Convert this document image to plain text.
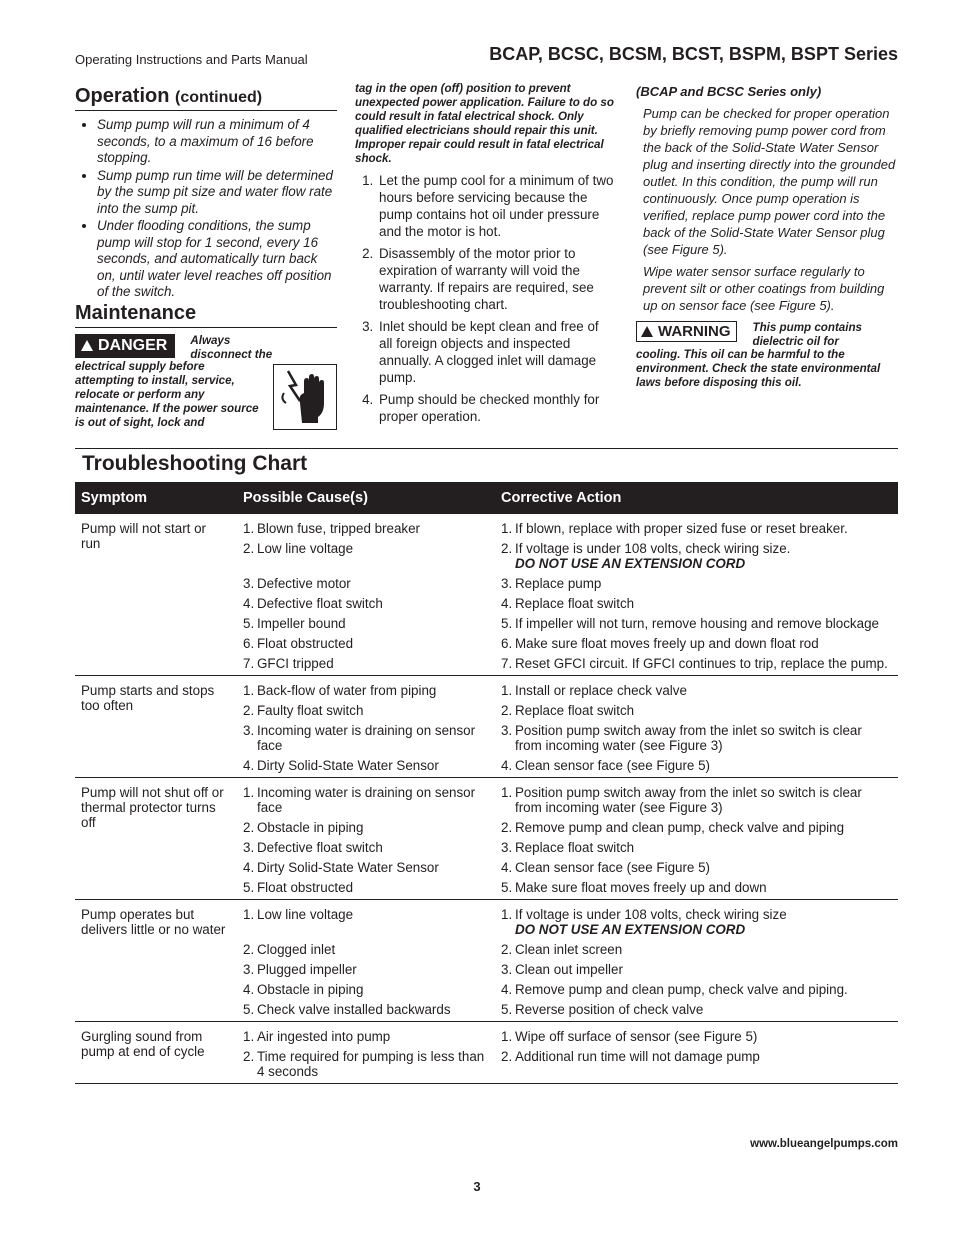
Operating Instructions and Parts Manual	BCAP, BCSC, BCSM, BCST, BSPM, BSPT Series
Operation (continued)
• Sump pump will run a minimum of 4 seconds, to a maximum of 16 before stopping.
• Sump pump run time will be determined by the sump pit size and water flow rate into the sump pit.
• Under flooding conditions, the sump pump will stop for 1 second, every 16 seconds, and automatically turn back on, until water level reaches off position of the switch.
Maintenance
DANGER	Always disconnect the
electrical supply before attempting to install, service, relocate or perform any maintenance. If the power source is out of sight, lock and
tag in the open (off) position to prevent unexpected power application. Failure to do so could result in fatal electrical shock. Only qualified electricians should repair this unit. Improper repair could result in fatal electrical shock.
1. Let the pump cool for a minimum of two hours before servicing because the pump contains hot oil under pressure and the motor is hot.
2. Disassembly of the motor prior to expiration of warranty will void the warranty. If repairs are required, see troubleshooting chart.
3. Inlet should be kept clean and free of all foreign objects and inspected annually. A clogged inlet will damage pump.
4. Pump should be checked monthly for proper operation.
(BCAP and BCSC Series only)
Pump can be checked for proper operation by briefly removing pump power cord from the back of the Solid-State Water Sensor plug and inserting directly into the grounded outlet. In this condition, the pump will run continuously. Once pump operation is verified, replace pump power cord into the back of the Solid-State Water Sensor plug (see Figure 5).
Wipe water sensor surface regularly to prevent silt or other coatings from building up on sensor face (see Figure 5).
WARNING	This pump contains dielectric oil for
cooling. This oil can be harmful to the environment. Check the state environmental laws before disposing this oil.
Troubleshooting Chart
Symptom	Possible Cause(s)	Corrective Action
Pump will not start or run	1. Blown fuse, tripped breaker	1. If blown, replace with proper sized fuse or reset breaker.

	2. Low line voltage	2. If voltage is under 108 volts, check wiring size.
DO NOT USE AN EXTENSION CORD

	3. Defective motor	3. Replace pump

	4. Defective float switch	4. Replace float switch

	5. Impeller bound	5. If impeller will not turn, remove housing and remove blockage

	6. Float obstructed	6. Make sure float moves freely up and down float rod

	7. GFCI tripped	7. Reset GFCI circuit. If GFCI continues to trip, replace the pump.

Pump starts and stops too often	1. Back-flow of water from piping	1. Install or replace check valve

	2. Faulty float switch	2. Replace float switch

	3. Incoming water is draining on sensor face	3. Position pump switch away from the inlet so switch is clear from incoming water (see Figure 3)

	4. Dirty Solid-State Water Sensor	4. Clean sensor face (see Figure 5)

Pump will not shut off or thermal protector turns off	1. Incoming water is draining on sensor face	1. Position pump switch away from the inlet so switch is clear from incoming water (see Figure 3)

	2. Obstacle in piping	2. Remove pump and clean pump, check valve and piping

	3. Defective float switch	3. Replace float switch

	4. Dirty Solid-State Water Sensor	4. Clean sensor face (see Figure 5)

	5. Float obstructed	5. Make sure float moves freely up and down

Pump operates but delivers little or no water	1. Low line voltage	1. If voltage is under 108 volts, check wiring size
DO NOT USE AN EXTENSION CORD

	2. Clogged inlet	2. Clean inlet screen

	3. Plugged impeller	3. Clean out impeller

	4. Obstacle in piping	4. Remove pump and clean pump, check valve and piping.

	5. Check valve installed backwards	5. Reverse position of check valve

Gurgling sound from pump at end of cycle	1. Air ingested into pump	1. Wipe off surface of sensor (see Figure 5)

	2. Time required for pumping is less than 4 seconds	2. Additional run time will not damage pump
www.blueangelpumps.com
3
